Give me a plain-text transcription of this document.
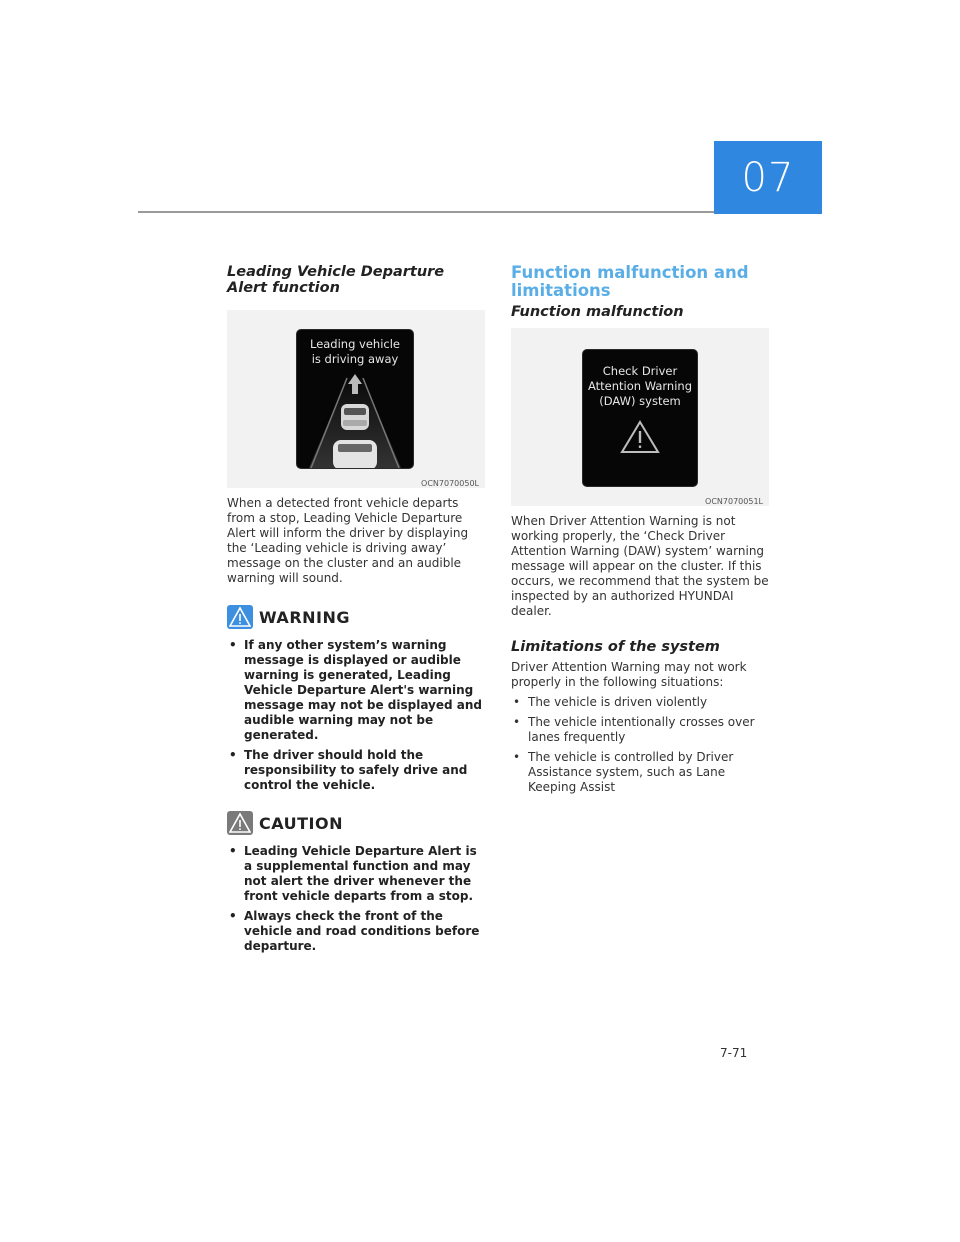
07
Leading Vehicle Departure Alert function
Leading vehicle
is driving away
OCN7070050L

When a detected front vehicle departs from a stop, Leading Vehicle Departure Alert will inform the driver by displaying the ‘Leading vehicle is driving away’ message on the cluster and an audible warning will sound.

WARNING
• If any other system’s warning message is displayed or audible warning is generated, Leading Vehicle Departure Alert's warning message may not be displayed and audible warning may not be generated.
• The driver should hold the responsibility to safely drive and control the vehicle.
CAUTION
• Leading Vehicle Departure Alert is a supplemental function and may not alert the driver whenever the front vehicle departs from a stop.
• Always check the front of the vehicle and road conditions before departure.
Function malfunction and limitations
Function malfunction
Check Driver
Attention Warning
(DAW) system
OCN7070051L

When Driver Attention Warning is not working properly, the ‘Check Driver Attention Warning (DAW) system’ warning message will appear on the cluster. If this occurs, we recommend that the system be inspected by an authorized HYUNDAI dealer.

Limitations of the system

Driver Attention Warning may not work properly in the following situations:

• The vehicle is driven violently
• The vehicle intentionally crosses over lanes frequently
• The vehicle is controlled by Driver Assistance system, such as Lane Keeping Assist
7-71
